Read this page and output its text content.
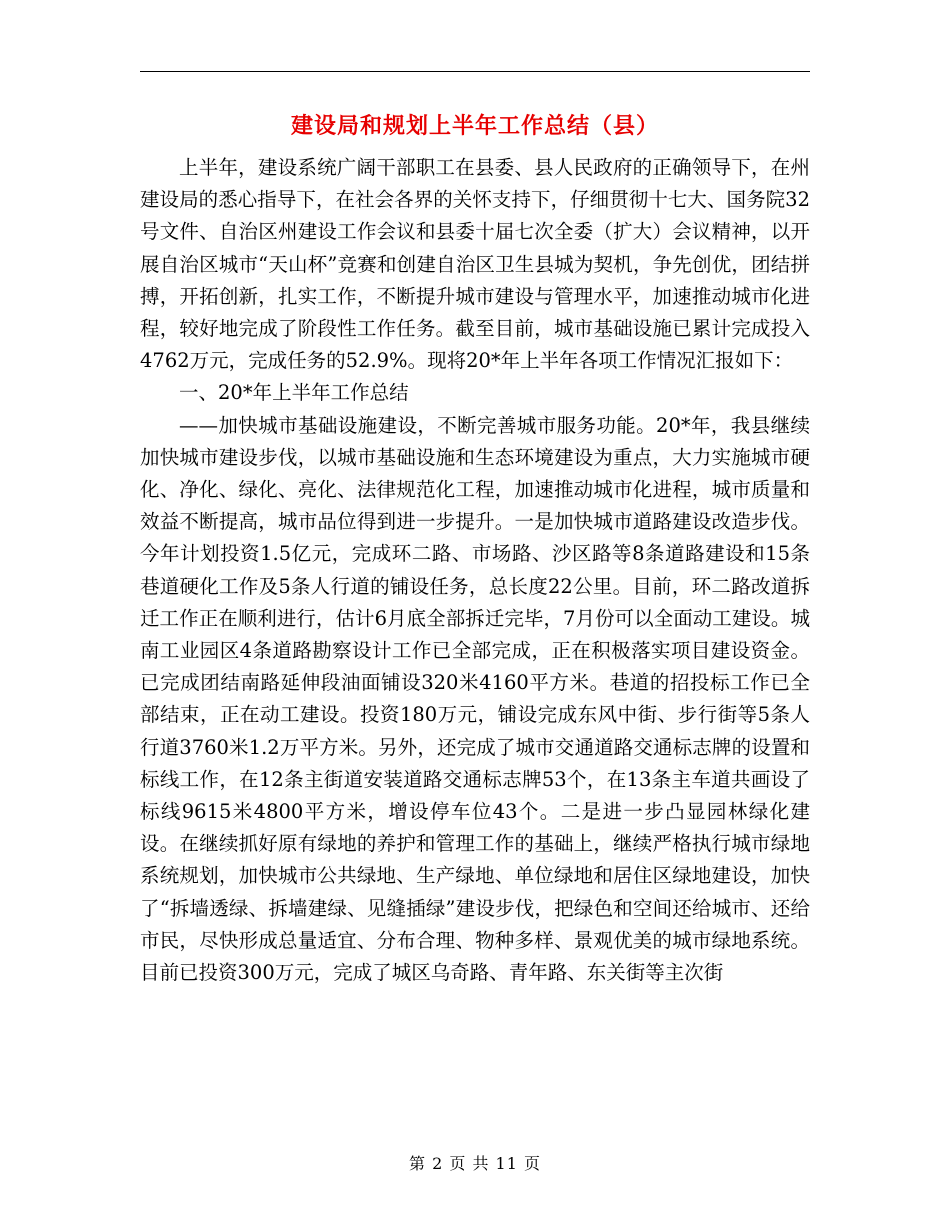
建设局和规划上半年工作总结（县）

上半年，建设系统广阔干部职工在县委、县人民政府的正确领导下，在州建设局的悉心指导下，在社会各界的关怀支持下，仔细贯彻十七大、国务院32号文件、自治区州建设工作会议和县委十届七次全委（扩大）会议精神，以开展自治区城市“天山杯”竞赛和创建自治区卫生县城为契机，争先创优，团结拼搏，开拓创新，扎实工作，不断提升城市建设与管理水平，加速推动城市化进程，较好地完成了阶段性工作任务。截至目前，城市基础设施已累计完成投入4762万元，完成任务的52.9%。现将20*年上半年各项工作情况汇报如下：

一、20*年上半年工作总结

——加快城市基础设施建设，不断完善城市服务功能。20*年，我县继续加快城市建设步伐，以城市基础设施和生态环境建设为重点，大力实施城市硬化、净化、绿化、亮化、法律规范化工程，加速推动城市化进程，城市质量和效益不断提高，城市品位得到进一步提升。一是加快城市道路建设改造步伐。今年计划投资1.5亿元，完成环二路、市场路、沙区路等8条道路建设和15条巷道硬化工作及5条人行道的铺设任务，总长度22公里。目前，环二路改道拆迁工作正在顺利进行，估计6月底全部拆迁完毕，7月份可以全面动工建设。城南工业园区4条道路勘察设计工作已全部完成，正在积极落实项目建设资金。已完成团结南路延伸段油面铺设320米4160平方米。巷道的招投标工作已全部结束，正在动工建设。投资180万元，铺设完成东风中街、步行街等5条人行道3760米1.2万平方米。另外，还完成了城市交通道路交通标志牌的设置和标线工作，在12条主街道安装道路交通标志牌53个，在13条主车道共画设了标线9615米4800平方米，增设停车位43个。二是进一步凸显园林绿化建设。在继续抓好原有绿地的养护和管理工作的基础上，继续严格执行城市绿地系统规划，加快城市公共绿地、生产绿地、单位绿地和居住区绿地建设，加快了“拆墙透绿、拆墙建绿、见缝插绿”建设步伐，把绿色和空间还给城市、还给市民，尽快形成总量适宜、分布合理、物种多样、景观优美的城市绿地系统。目前已投资300万元，完成了城区乌奇路、青年路、东关街等主次街

第 2 页 共 11 页
